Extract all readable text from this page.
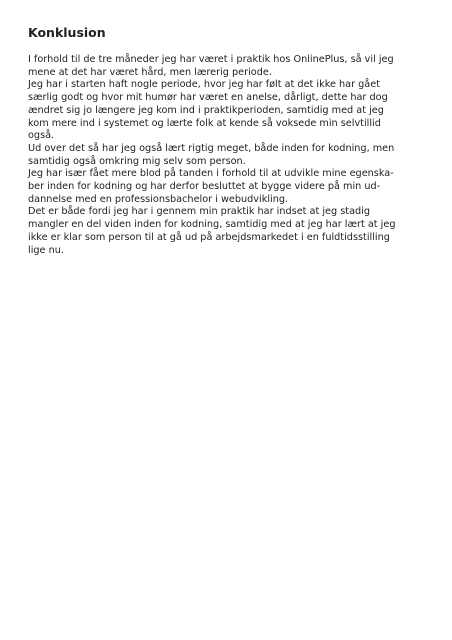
Konklusion
I forhold til de tre måneder jeg har været i praktik hos OnlinePlus, så vil jeg
mene at det har været hård, men lærerig periode.
Jeg har i starten haft nogle periode, hvor jeg har følt at det ikke har gået
særlig godt og hvor mit humør har været en anelse, dårligt, dette har dog
ændret sig jo længere jeg kom ind i praktikperioden, samtidig med at jeg
kom mere ind i systemet og lærte folk at kende så voksede min selvtillid
også.
Ud over det så har jeg også lært rigtig meget, både inden for kodning, men
samtidig også omkring mig selv som person.
Jeg har især fået mere blod på tanden i forhold til at udvikle mine egenska-
ber inden for kodning og har derfor besluttet at bygge videre på min ud-
dannelse med en professionsbachelor i webudvikling.
Det er både fordi jeg har i gennem min praktik har indset at jeg stadig
mangler en del viden inden for kodning, samtidig med at jeg har lært at jeg
ikke er klar som person til at gå ud på arbejdsmarkedet i en fuldtidsstilling
lige nu.
